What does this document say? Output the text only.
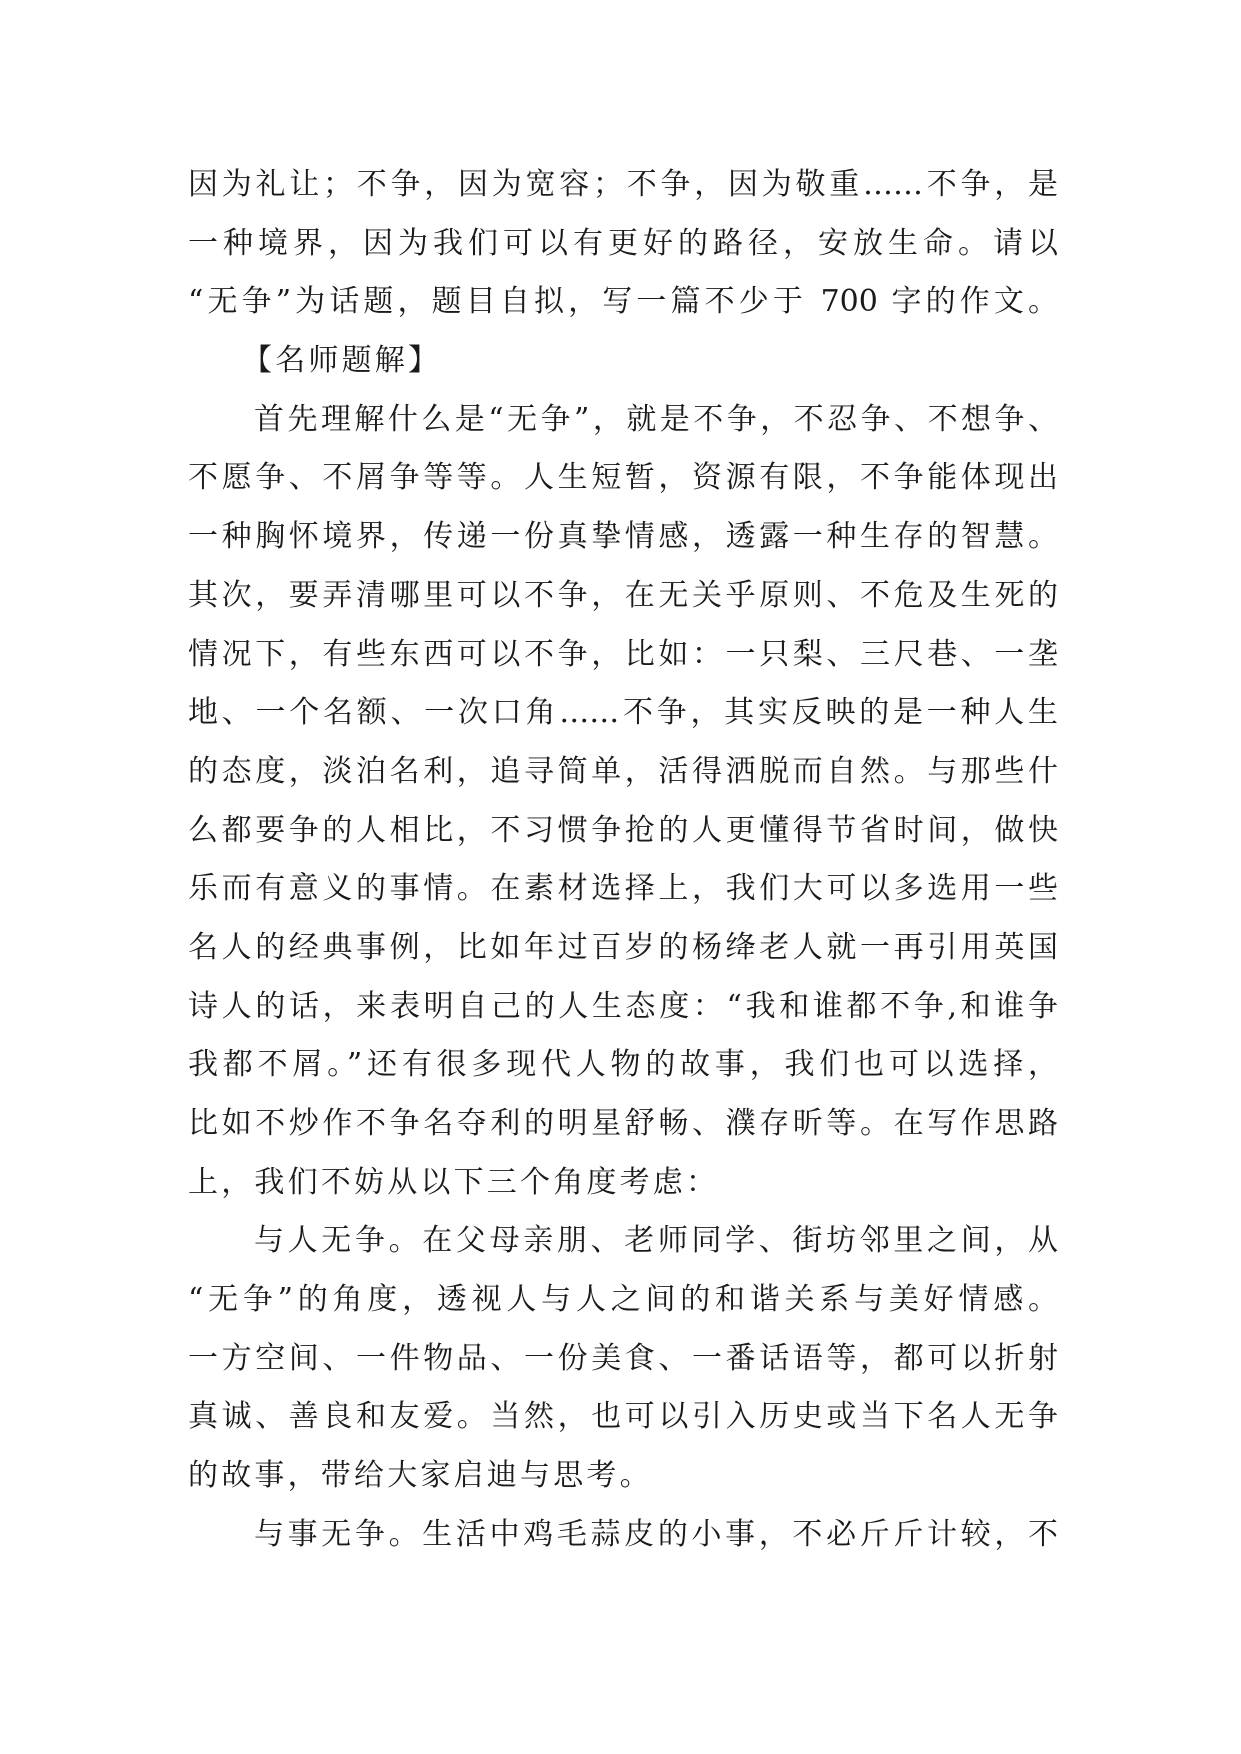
因为礼让；不争，因为宽容；不争，因为敬重……不争，是
一种境界，因为我们可以有更好的路径，安放生命。请以
“无争”为话题，题目自拟，写一篇不少于 700 字的作文。
【名师题解】
首先理解什么是“无争”，就是不争，不忍争、不想争、
不愿争、不屑争等等。人生短暂，资源有限，不争能体现出
一种胸怀境界，传递一份真挚情感，透露一种生存的智慧。
其次，要弄清哪里可以不争，在无关乎原则、不危及生死的
情况下，有些东西可以不争，比如：一只梨、三尺巷、一垄
地、一个名额、一次口角……不争，其实反映的是一种人生
的态度，淡泊名利，追寻简单，活得洒脱而自然。与那些什
么都要争的人相比，不习惯争抢的人更懂得节省时间，做快
乐而有意义的事情。在素材选择上，我们大可以多选用一些
名人的经典事例，比如年过百岁的杨绛老人就一再引用英国
诗人的话，来表明自己的人生态度：“我和谁都不争,和谁争
我都不屑。”还有很多现代人物的故事，我们也可以选择，
比如不炒作不争名夺利的明星舒畅、濮存昕等。在写作思路
上，我们不妨从以下三个角度考虑：
与人无争。在父母亲朋、老师同学、街坊邻里之间，从
“无争”的角度，透视人与人之间的和谐关系与美好情感。
一方空间、一件物品、一份美食、一番话语等，都可以折射
真诚、善良和友爱。当然，也可以引入历史或当下名人无争
的故事，带给大家启迪与思考。
与事无争。生活中鸡毛蒜皮的小事，不必斤斤计较，不
